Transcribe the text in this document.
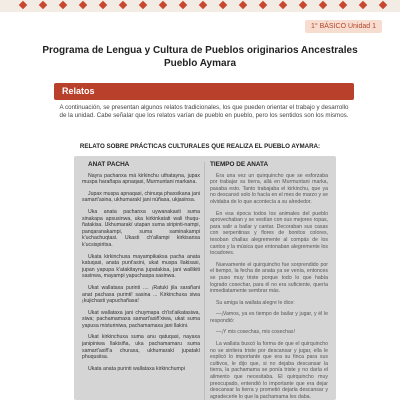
1° BÁSICO Unidad 1
Programa de Lengua y Cultura de Pueblos originarios Ancestrales
Pueblo Aymara
Relatos
A continuación, se presentan algunos relatos tradicionales, los que pueden orientar el trabajo y desarrollo de la unidad. Cabe señalar que los relatos varían de pueblo en pueblo, pero los sentidos son los mismos.
RELATO SOBRE PRÁCTICAS CULTURALES QUE REALIZA EL PUEBLO AYMARA:
ANAT PACHA

Nayra pachanxa má kirkinchu uthatayna, jupax muspa harañapa apnaqasi, Murmuntani markana.

Jupax muspa apnaqasi, chinuqa phaxsikana jani samart'asina, ukhumarakí jani núñasa, ukjasinsa.

Uka anata pachanxa uywanakasti suma sinakapa apsusinwa, uka kirkinkatati wali thuqu-ñatakisa. Ukhumarakí utapan suma siripinti-nampi, panqaranakampi, suma saminakampi k'uchachuqtasi. Ukasti ch'allampi kirkisansa k'ucsispiritsa.

Ukata kirkinchuxa mayampikaksa pacha anata katuqasi, anata punt'asini, ukat muspa llakisasi, jupan yapupa k'atakitayna jupatakisa, jani wallikiti sasinwa, mayampi yapuchaspa sasinwa.

Ukat wallataxa purinti .... ¡Ratuki jila sarañani anat pachaxa purinti! sasina ... Kirkinchuxa siwa ¡kujichasti yapuchañasa!

Ukat wallataxa jani chuymapa ch'ist'aikatasiwa, siwa; pachamamaxa samart'asiñ'xiwa, ukat suma yapusa misturiniwa, pachamamaxa jani llakini.

Ukat kirkinchuxa suma anu qatuqasi, nayaxa janipiniwa llakisiña, uka pachamamaru suma samart'asiñ'a churaxa, ukhumarakí jupatakí phuqusiisa.

Ukata anata purinti wallataxa kirkinchumpi

TIEMPO DE ANATA

Era una vez un quirquincho que se esforzaba por trabajar su tierra, allá en Murmuntani marka, pasaba esto. Tanto trabajaba el kirkinchu, que ya no descansó solo lo hacía en el mes de marzo y se olvidaba de lo que acontecía a su alrededor.

En esa época todos los animales del pueblo aprovechaban y se vestían con sus mejores ropas, para salir a bailar y cantar. Decoraban sus casas con serpentinas y flores de bonitos colores, tesoban challas alegremente al compás de los cantos y la música que entonaban alegremente los tocadores.

Nuevamente el quirquincho fue sorprendido por el tiempo, la fecha de anata ya se venía, entonces se puso muy triste porque todo lo que había logrado cosechar, para él no era suficiente, quería inmediatamente sembrar más.

Su amiga la wallata alegre le dice:

—¡Vamos, ya es tiempo de bailar y jugar, y él le respondió:

—¡Y mis cosechas, mis cosechas!

La wallata buscó la forma de que el quirquincho no se sintiera triste por descansar y jugar, ella le explicó lo importante que era su finca para sus cultivos, le dijo que, si no dejaba descansar la tierra, la pachamama se ponía triste y no daría el alimento que necesitaba. El quirquincho muy preocupado, entendió lo importante que era dejar descansar la tierra y prometió dejarla descansar y agradecerle lo que la pachamama les daba.
